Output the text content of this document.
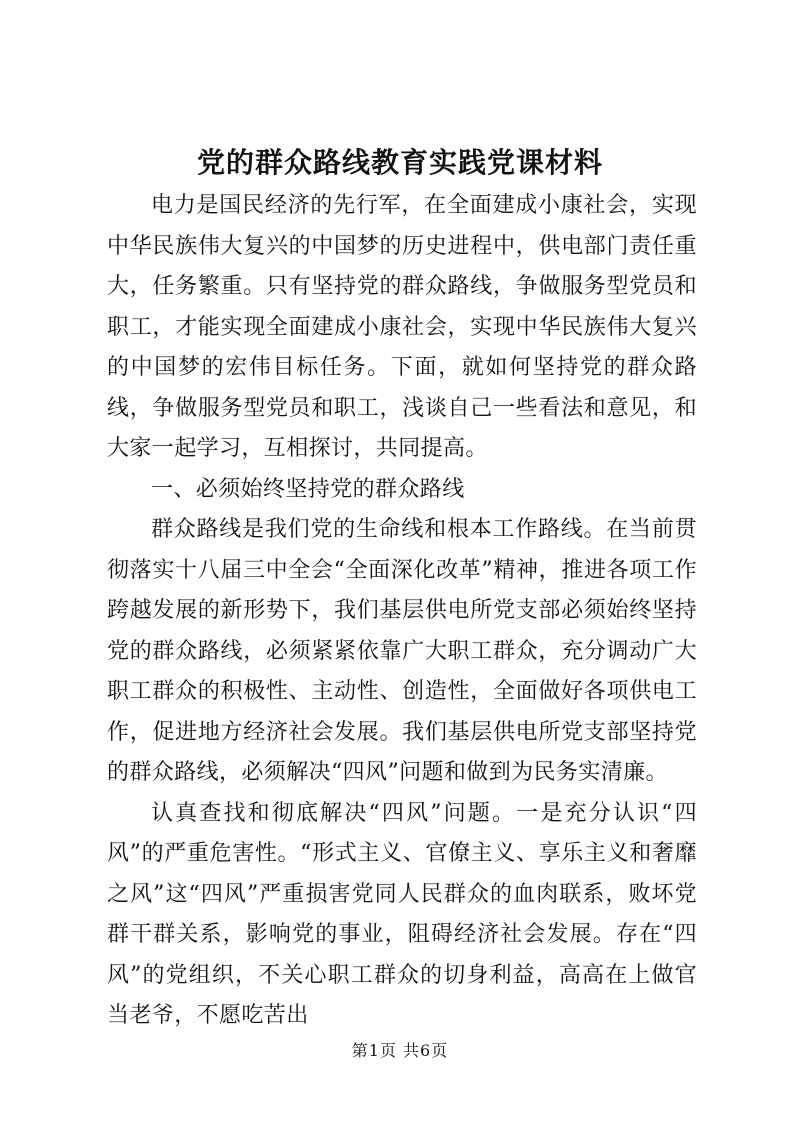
党的群众路线教育实践党课材料

电力是国民经济的先行军，在全面建成小康社会，实现中华民族伟大复兴的中国梦的历史进程中，供电部门责任重大，任务繁重。只有坚持党的群众路线，争做服务型党员和职工，才能实现全面建成小康社会，实现中华民族伟大复兴的中国梦的宏伟目标任务。下面，就如何坚持党的群众路线，争做服务型党员和职工，浅谈自己一些看法和意见，和大家一起学习，互相探讨，共同提高。

一、必须始终坚持党的群众路线

群众路线是我们党的生命线和根本工作路线。在当前贯彻落实十八届三中全会“全面深化改革”精神，推进各项工作跨越发展的新形势下，我们基层供电所党支部必须始终坚持党的群众路线，必须紧紧依靠广大职工群众，充分调动广大职工群众的积极性、主动性、创造性，全面做好各项供电工作，促进地方经济社会发展。我们基层供电所党支部坚持党的群众路线，必须解决“四风”问题和做到为民务实清廉。

认真查找和彻底解决“四风”问题。一是充分认识“四风”的严重危害性。“形式主义、官僚主义、享乐主义和奢靡之风”这“四风”严重损害党同人民群众的血肉联系，败坏党群干群关系，影响党的事业，阻碍经济社会发展。存在“四风”的党组织，不关心职工群众的切身利益，高高在上做官当老爷，不愿吃苦出

第1页 共6页
